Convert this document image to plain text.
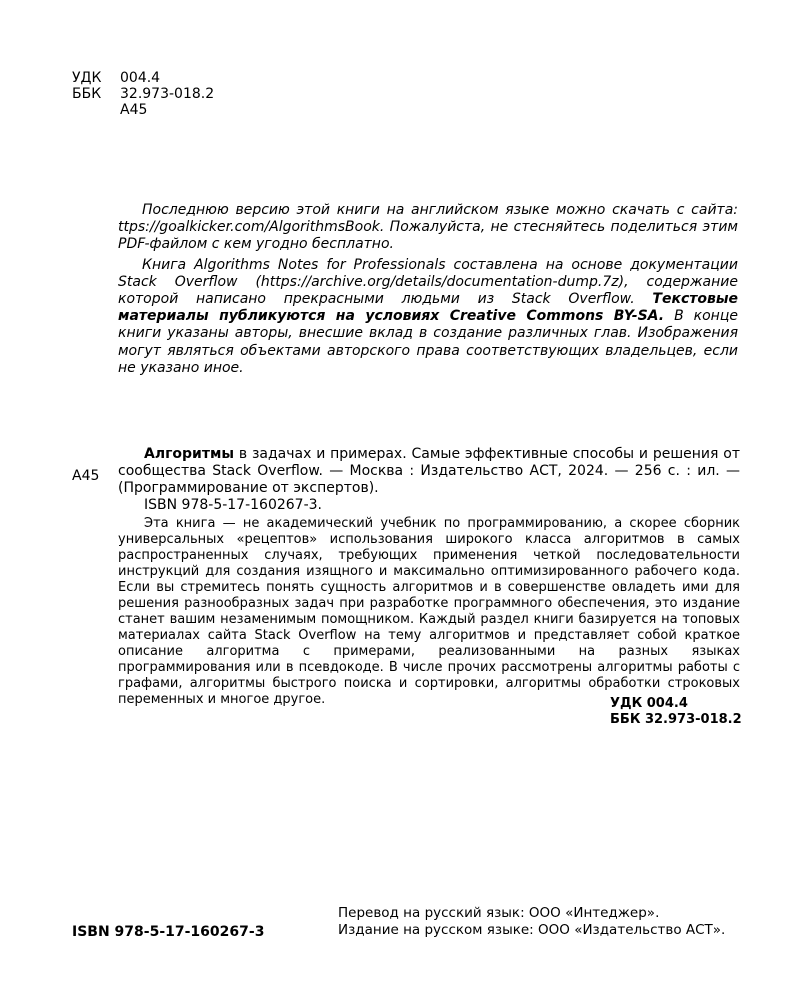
УДК	004.4
ББК	32.973-018.2
А45

Последнюю версию этой книги на английском языке можно скачать с сайта: ttps://goalkicker.com/AlgorithmsBook. Пожалуйста, не стесняйтесь поделиться этим PDF-файлом с кем угодно бесплатно.

Книга Algorithms Notes for Professionals составлена на основе документации Stack Overflow (https://archive.org/details/documentation-dump.7z), содержание которой написано прекрасными людьми из Stack Overflow. Текстовые материалы публикуются на условиях Creative Commons BY-SA. В конце книги указаны авторы, внесшие вклад в создание различных глав. Изображения могут являться объектами авторского права соответствующих владельцев, если не указано иное.

А45

Алгоритмы в задачах и примерах. Самые эффективные способы и решения от сообщества Stack Overflow. — Москва : Издательство АСТ, 2024. — 256 с. : ил. — (Программирование от экспертов).

ISBN 978-5-17-160267-3.

Эта книга — не академический учебник по программированию, а скорее сборник универсальных «рецептов» использования широкого класса алгоритмов в самых распространенных случаях, требующих применения четкой последовательности инструкций для создания изящного и максимально оптимизированного рабочего кода. Если вы стремитесь понять сущность алгоритмов и в совершенстве овладеть ими для решения разнообразных задач при разработке программного обеспечения, это издание станет вашим незаменимым помощником. Каждый раздел книги базируется на топовых материалах сайта Stack Overflow на тему алгоритмов и представляет собой краткое описание алгоритма с примерами, реализованными на разных языках программирования или в псевдокоде. В числе прочих рассмотрены алгоритмы работы с графами, алгоритмы быстрого поиска и сортировки, алгоритмы обработки строковых переменных и многое другое.	УДК 004.4
ББК 32.973-018.2
ISBN 978-5-17-160267-3
Перевод на русский язык: ООО «Интеджер».
Издание на русском языке: ООО «Издательство АСТ».
